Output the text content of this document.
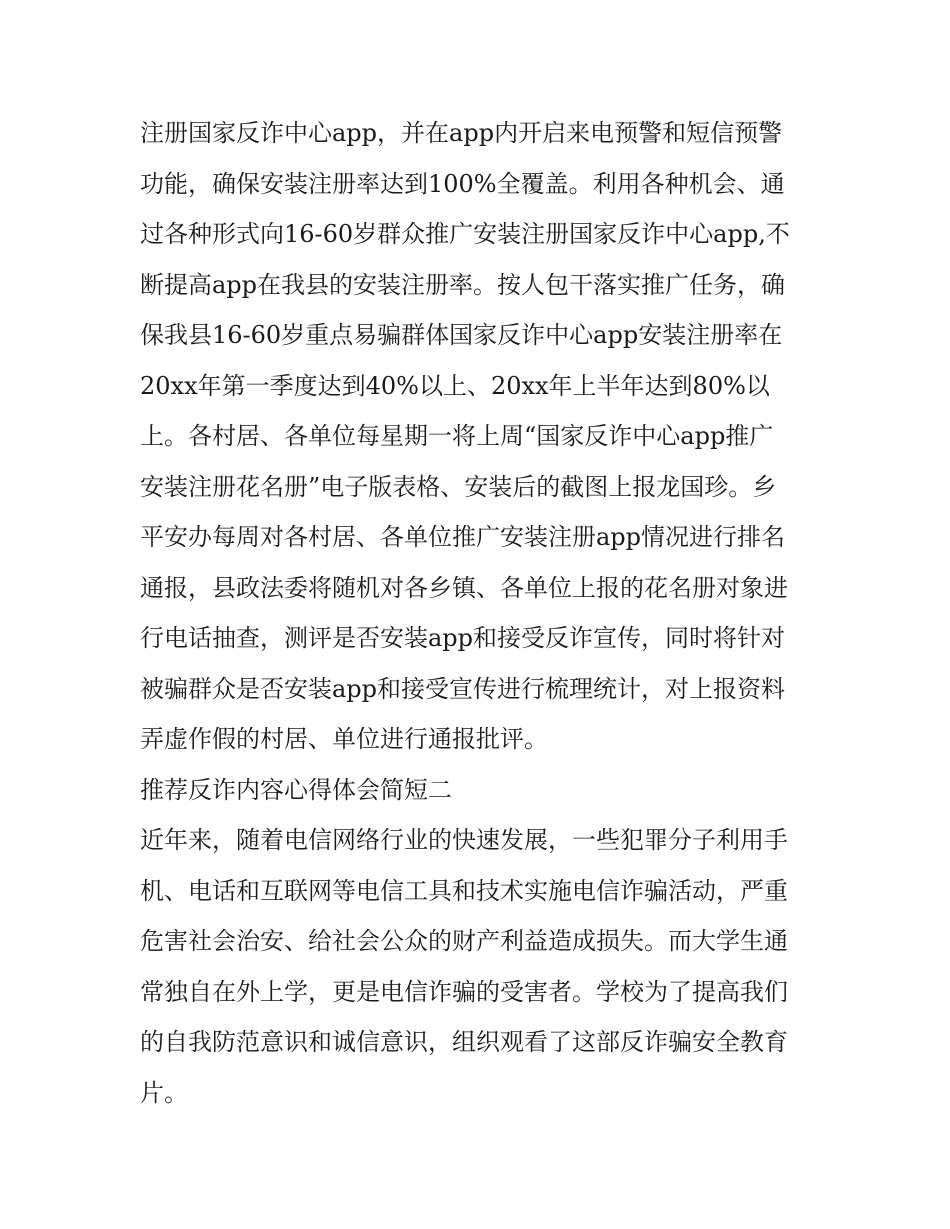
注册国家反诈中心app，并在app内开启来电预警和短信预警
功能，确保安装注册率达到100%全覆盖。利用各种机会、通
过各种形式向16-60岁群众推广安装注册国家反诈中心app,不
断提高app在我县的安装注册率。按人包干落实推广任务，确
保我县16-60岁重点易骗群体国家反诈中心app安装注册率在
20xx年第一季度达到40%以上、20xx年上半年达到80%以
上。各村居、各单位每星期一将上周“国家反诈中心app推广
安装注册花名册”电子版表格、安装后的截图上报龙国珍。乡
平安办每周对各村居、各单位推广安装注册app情况进行排名
通报，县政法委将随机对各乡镇、各单位上报的花名册对象进
行电话抽查，测评是否安装app和接受反诈宣传，同时将针对
被骗群众是否安装app和接受宣传进行梳理统计，对上报资料
弄虚作假的村居、单位进行通报批评。
推荐反诈内容心得体会简短二
近年来，随着电信网络行业的快速发展，一些犯罪分子利用手
机、电话和互联网等电信工具和技术实施电信诈骗活动，严重
危害社会治安、给社会公众的财产利益造成损失。而大学生通
常独自在外上学，更是电信诈骗的受害者。学校为了提高我们
的自我防范意识和诚信意识，组织观看了这部反诈骗安全教育
片。
